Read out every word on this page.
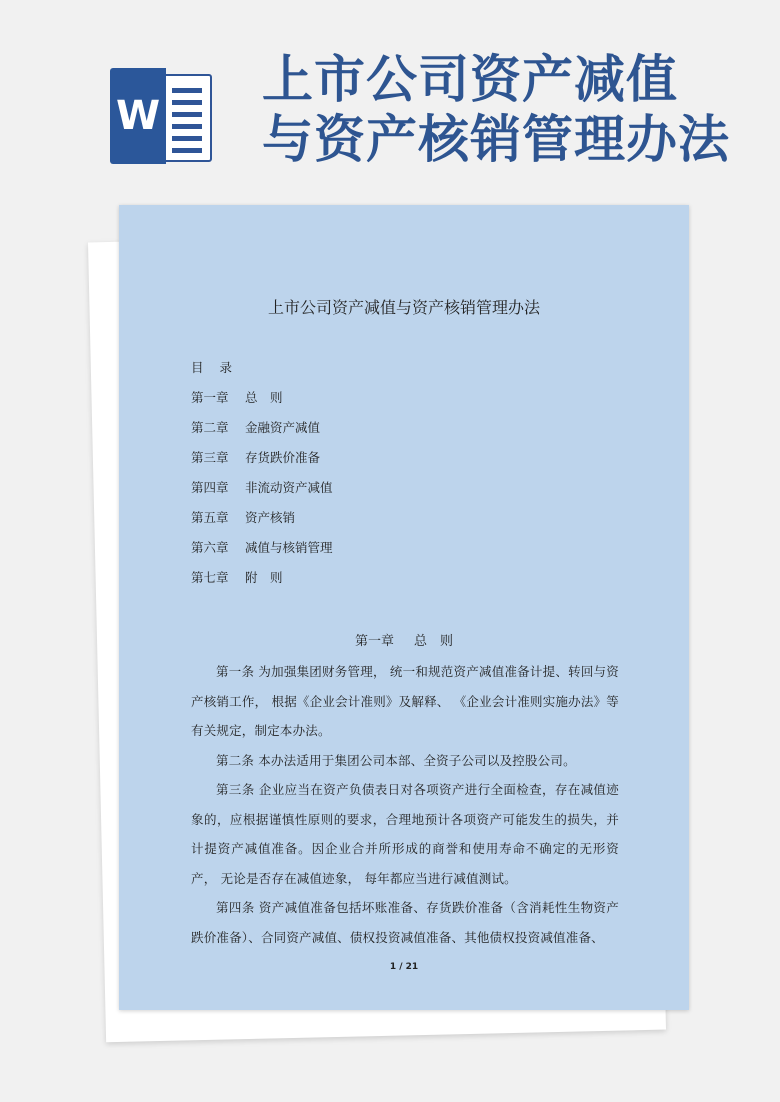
W
上市公司资产减值
与资产核销管理办法
上市公司资产减值与资产核销管理办法
目 录
第一章 总　则
第二章 金融资产减值
第三章 存货跌价准备
第四章 非流动资产减值
第五章 资产核销
第六章 减值与核销管理
第七章 附　则
第一章 总　则

第一条 为加强集团财务管理， 统一和规范资产减值准备计提、转回与资产核销工作， 根据《企业会计准则》及解释、 《企业会计准则实施办法》等有关规定，制定本办法。

第二条 本办法适用于集团公司本部、全资子公司以及控股公司。

第三条 企业应当在资产负债表日对各项资产进行全面检查，存在减值迹象的，应根据谨慎性原则的要求，合理地预计各项资产可能发生的损失，并计提资产减值准备。因企业合并所形成的商誉和使用寿命不确定的无形资产， 无论是否存在减值迹象， 每年都应当进行减值测试。

第四条 资产减值准备包括坏账准备、存货跌价准备（含消耗性生物资产跌价准备）、合同资产减值、债权投资减值准备、其他债权投资减值准备、

1 / 21
